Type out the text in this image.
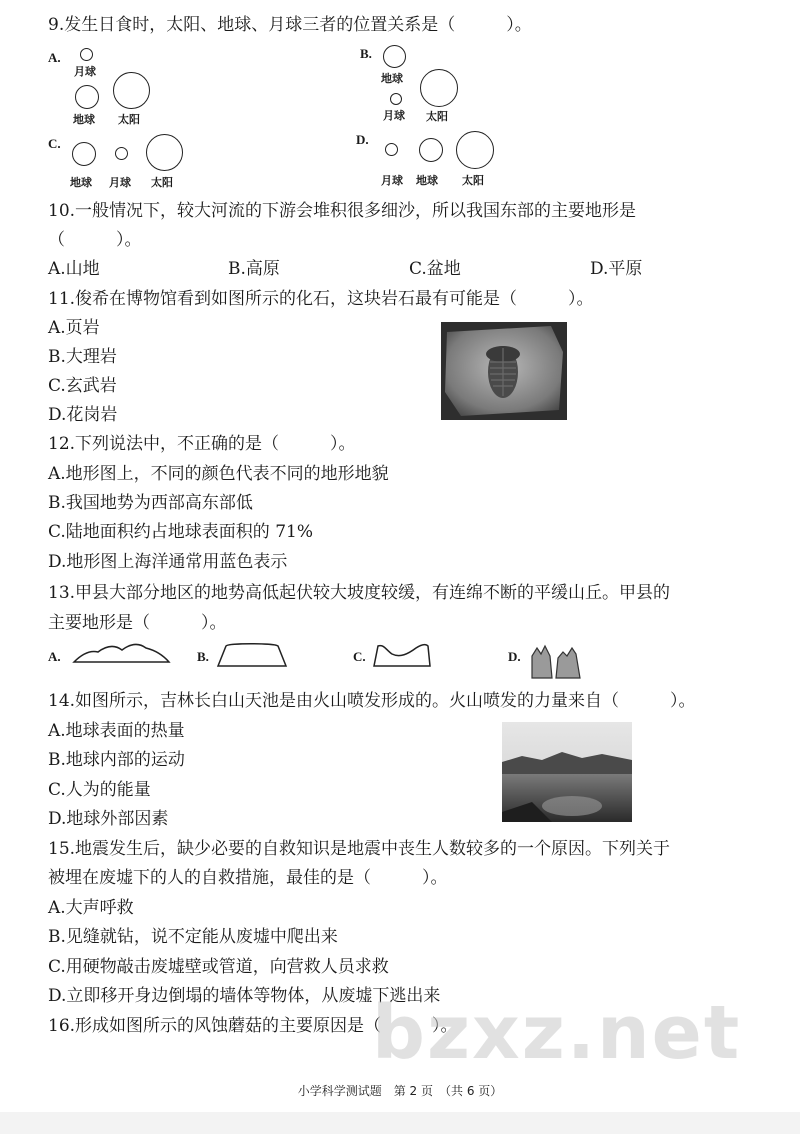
9.发生日食时，太阳、地球、月球三者的位置关系是（　　　）。
A.
月球
地球 太阳
B.
地球
月球 太阳
C.
地球 月球 太阳
D.
月球 地球 太阳
10.一般情况下，较大河流的下游会堆积很多细沙，所以我国东部的主要地形是
（　　　）。
A.山地	B.高原	C.盆地	D.平原
11.俊希在博物馆看到如图所示的化石，这块岩石最有可能是（　　　）。
A.页岩
B.大理岩
C.玄武岩
D.花岗岩
12.下列说法中，不正确的是（　　　）。
A.地形图上，不同的颜色代表不同的地形地貌
B.我国地势为西部高东部低
C.陆地面积约占地球表面积的 71%
D.地形图上海洋通常用蓝色表示
13.甲县大部分地区的地势高低起伏较大坡度较缓，有连绵不断的平缓山丘。甲县的
主要地形是（　　　）。
A.	B.	C.	D.
14.如图所示，吉林长白山天池是由火山喷发形成的。火山喷发的力量来自（　　　）。
A.地球表面的热量
B.地球内部的运动
C.人为的能量
D.地球外部因素
15.地震发生后，缺少必要的自救知识是地震中丧生人数较多的一个原因。下列关于
被埋在废墟下的人的自救措施，最佳的是（　　　）。
A.大声呼救
B.见缝就钻，说不定能从废墟中爬出来
C.用硬物敲击废墟壁或管道，向营救人员求救
D.立即移开身边倒塌的墙体等物体，从废墟下逃出来
16.形成如图所示的风蚀蘑菇的主要原因是（　　　）。
bzxz.net
小学科学测试题　第 2 页　（共 6 页）
